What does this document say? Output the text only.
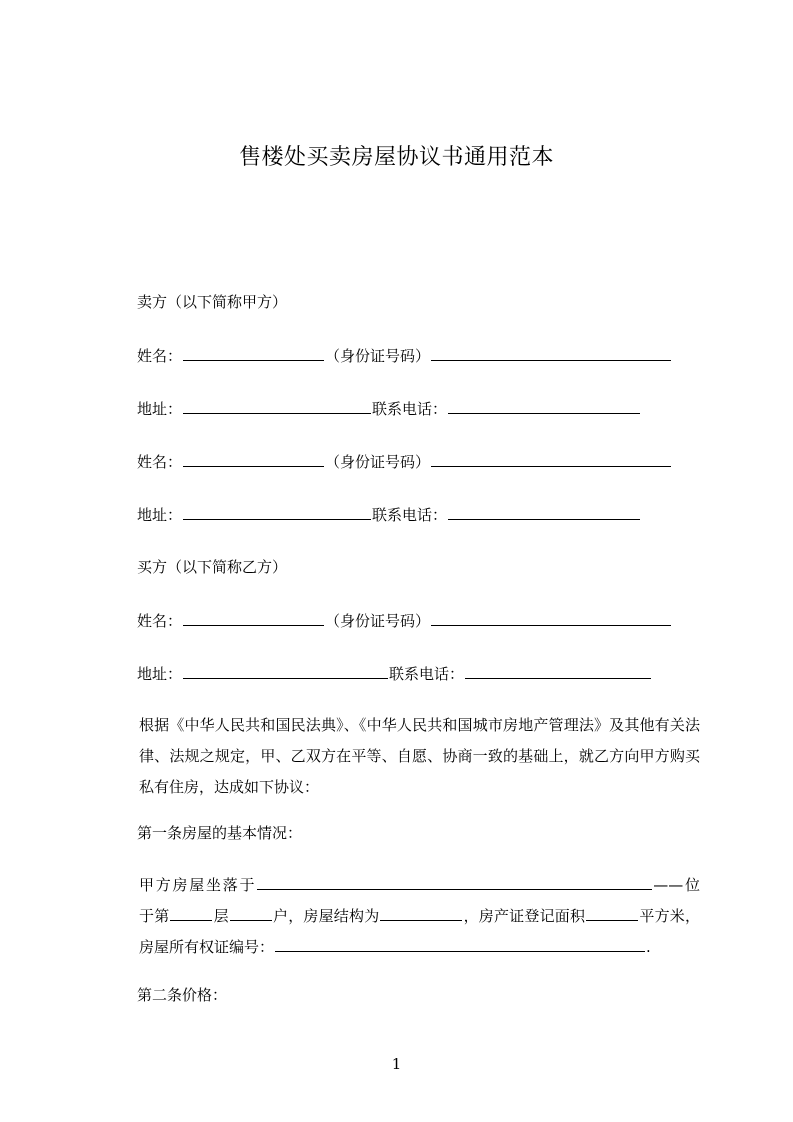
售楼处买卖房屋协议书通用范本
卖方（以下简称甲方）
姓名：	（身份证号码）
地址：	联系电话：
姓名：	（身份证号码）
地址：	联系电话：
买方（以下简称乙方）
姓名：	（身份证号码）
地址：	联系电话：
根据《中华人民共和国民法典》、《中华人民共和国城市房地产管理法》及其他有关法律、法规之规定，甲、乙双方在平等、自愿、协商一致的基础上，就乙方向甲方购买私有住房，达成如下协议：
第一条房屋的基本情况：
甲方房屋坐落于	——位于第	层	户，房屋结构为	，房产证登记面积	平方米，房屋所有权证编号：	.
第二条价格：
1
